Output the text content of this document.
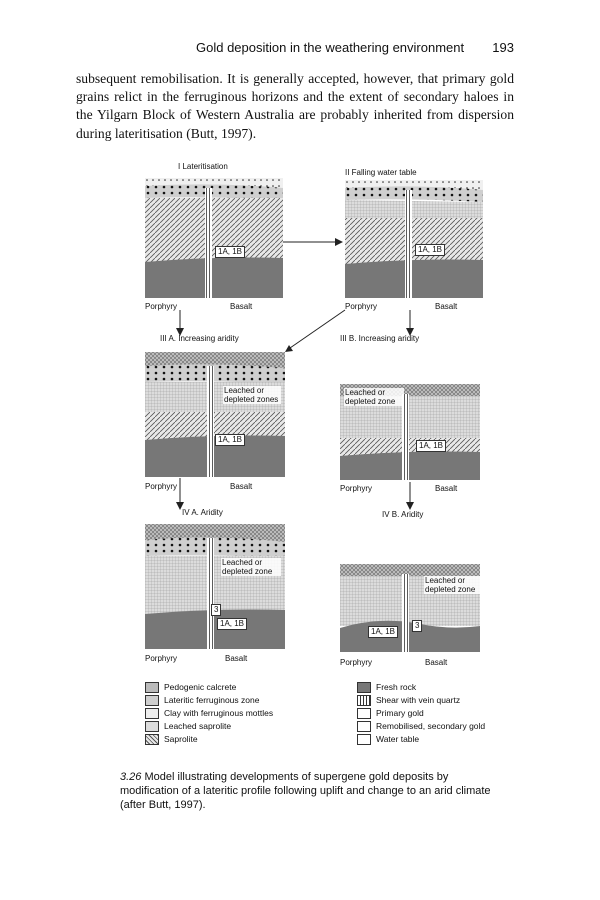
Gold deposition in the weathering environment 193

subsequent remobilisation. It is generally accepted, however, that primary gold grains relict in the ferruginous horizons and the extent of secondary haloes in the Yilgarn Block of Western Australia are probably inherited from dispersion during lateritisation (Butt, 1997).

I Lateritisation
1A, 1B
Porphyry	Basalt
II Falling water table
1A, 1B
Porphyry	Basalt
III A. Increasing aridity
Leached or depleted zones
1A, 1B
Porphyry	Basalt
III B. Increasing aridity
Leached or depleted zone
1A, 1B
Porphyry	Basalt
IV A. Aridity
Leached or depleted zone
1A, 1B
3
Porphyry	Basalt
IV B. Aridity
Leached or depleted zone
1A, 1B
3
Porphyry	Basalt
Pedogenic calcrete
Lateritic ferruginous zone
Clay with ferruginous mottles
Leached saprolite
Saprolite
Fresh rock
Shear with vein quartz
Primary gold
Remobilised, secondary gold
Water table

3.26 Model illustrating developments of supergene gold deposits by modification of a lateritic profile following uplift and change to an arid climate (after Butt, 1997).
